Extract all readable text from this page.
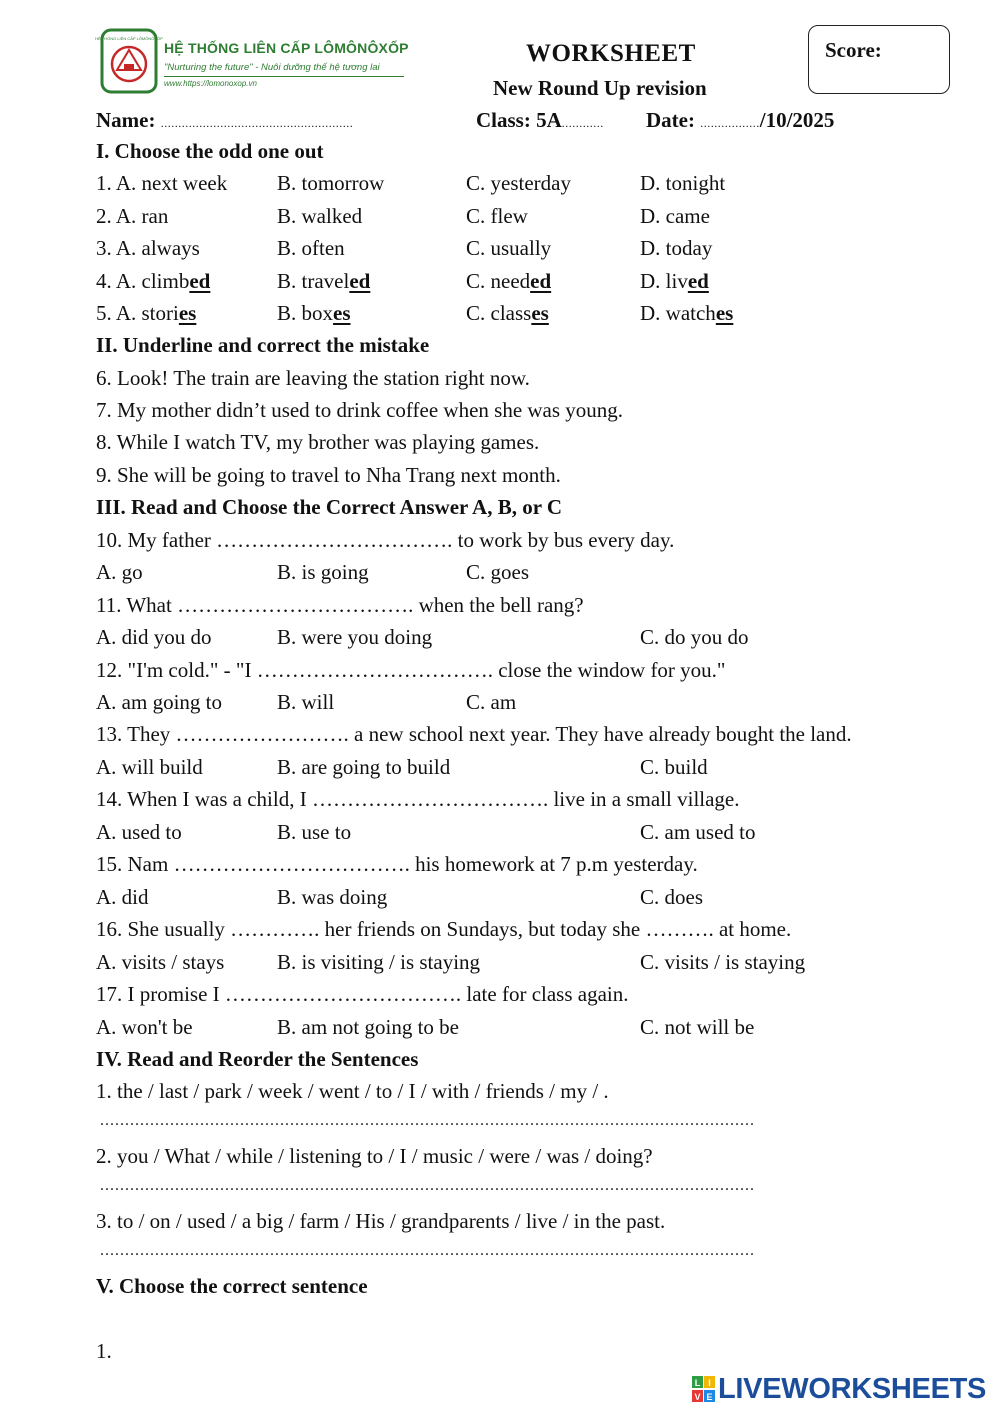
HỆ THỐNG LIÊN CẤP LÔMÔNÔXỐP
HỆ THỐNG LIÊN CẤP LÔMÔNÔXỐP
"Nurturing the future" - Nuôi dưỡng thế hệ tương lai
www.https://lomonoxop.vn
WORKSHEET
New Round Up revision
Score:
Name: .......................................................	Class: 5A............ Date: ................./10/2025
I. Choose the odd one out
1. A. next week B. tomorrow	C. yesterday	D. tonight
2. A. ran	B. walked	C. flew	D. came
3. A. always	B. often	C. usually	D. today
4. A. climbed	B. traveled	C. needed	D. lived
5. A. stories	B. boxes	C. classes	D. watches
II. Underline and correct the mistake
6. Look! The train are leaving the station right now.
7. My mother didn’t used to drink coffee when she was young.
8. While I watch TV, my brother was playing games.
9. She will be going to travel to Nha Trang next month.
III. Read and Choose the Correct Answer A, B, or C
10. My father ……………………………. to work by bus every day.
A. go	B. is going	C. goes
11. What ……………………………. when the bell rang?
A. did you do	B. were you doing	C. do you do
12. "I'm cold." - "I ……………………………. close the window for you."
A. am going to	B. will	C. am
13. They ……………………. a new school next year. They have already bought the land.
A. will build	B. are going to build	C. build
14. When I was a child, I ……………………………. live in a small village.
A. used to	B. use to	C. am used to
15. Nam ……………………………. his homework at 7 p.m yesterday.
A. did	B. was doing	C. does
16. She usually …………. her friends on Sundays, but today she ………. at home.
A. visits / stays	B. is visiting / is staying	C. visits / is staying
17. I promise I ……………………………. late for class again.
A. won't be	B. am not going to be	C. not will be
IV. Read and Reorder the Sentences
1. the / last / park / week / went / to / I / with / friends / my / .
...................................................................................................................................
2. you / What / while / listening to / I / music / were / was / doing?
...................................................................................................................................
3. to / on / used / a big / farm / His / grandparents / live / in the past.
...................................................................................................................................
V. Choose the correct sentence
1.
L I
V E LIVEWORKSHEETS
